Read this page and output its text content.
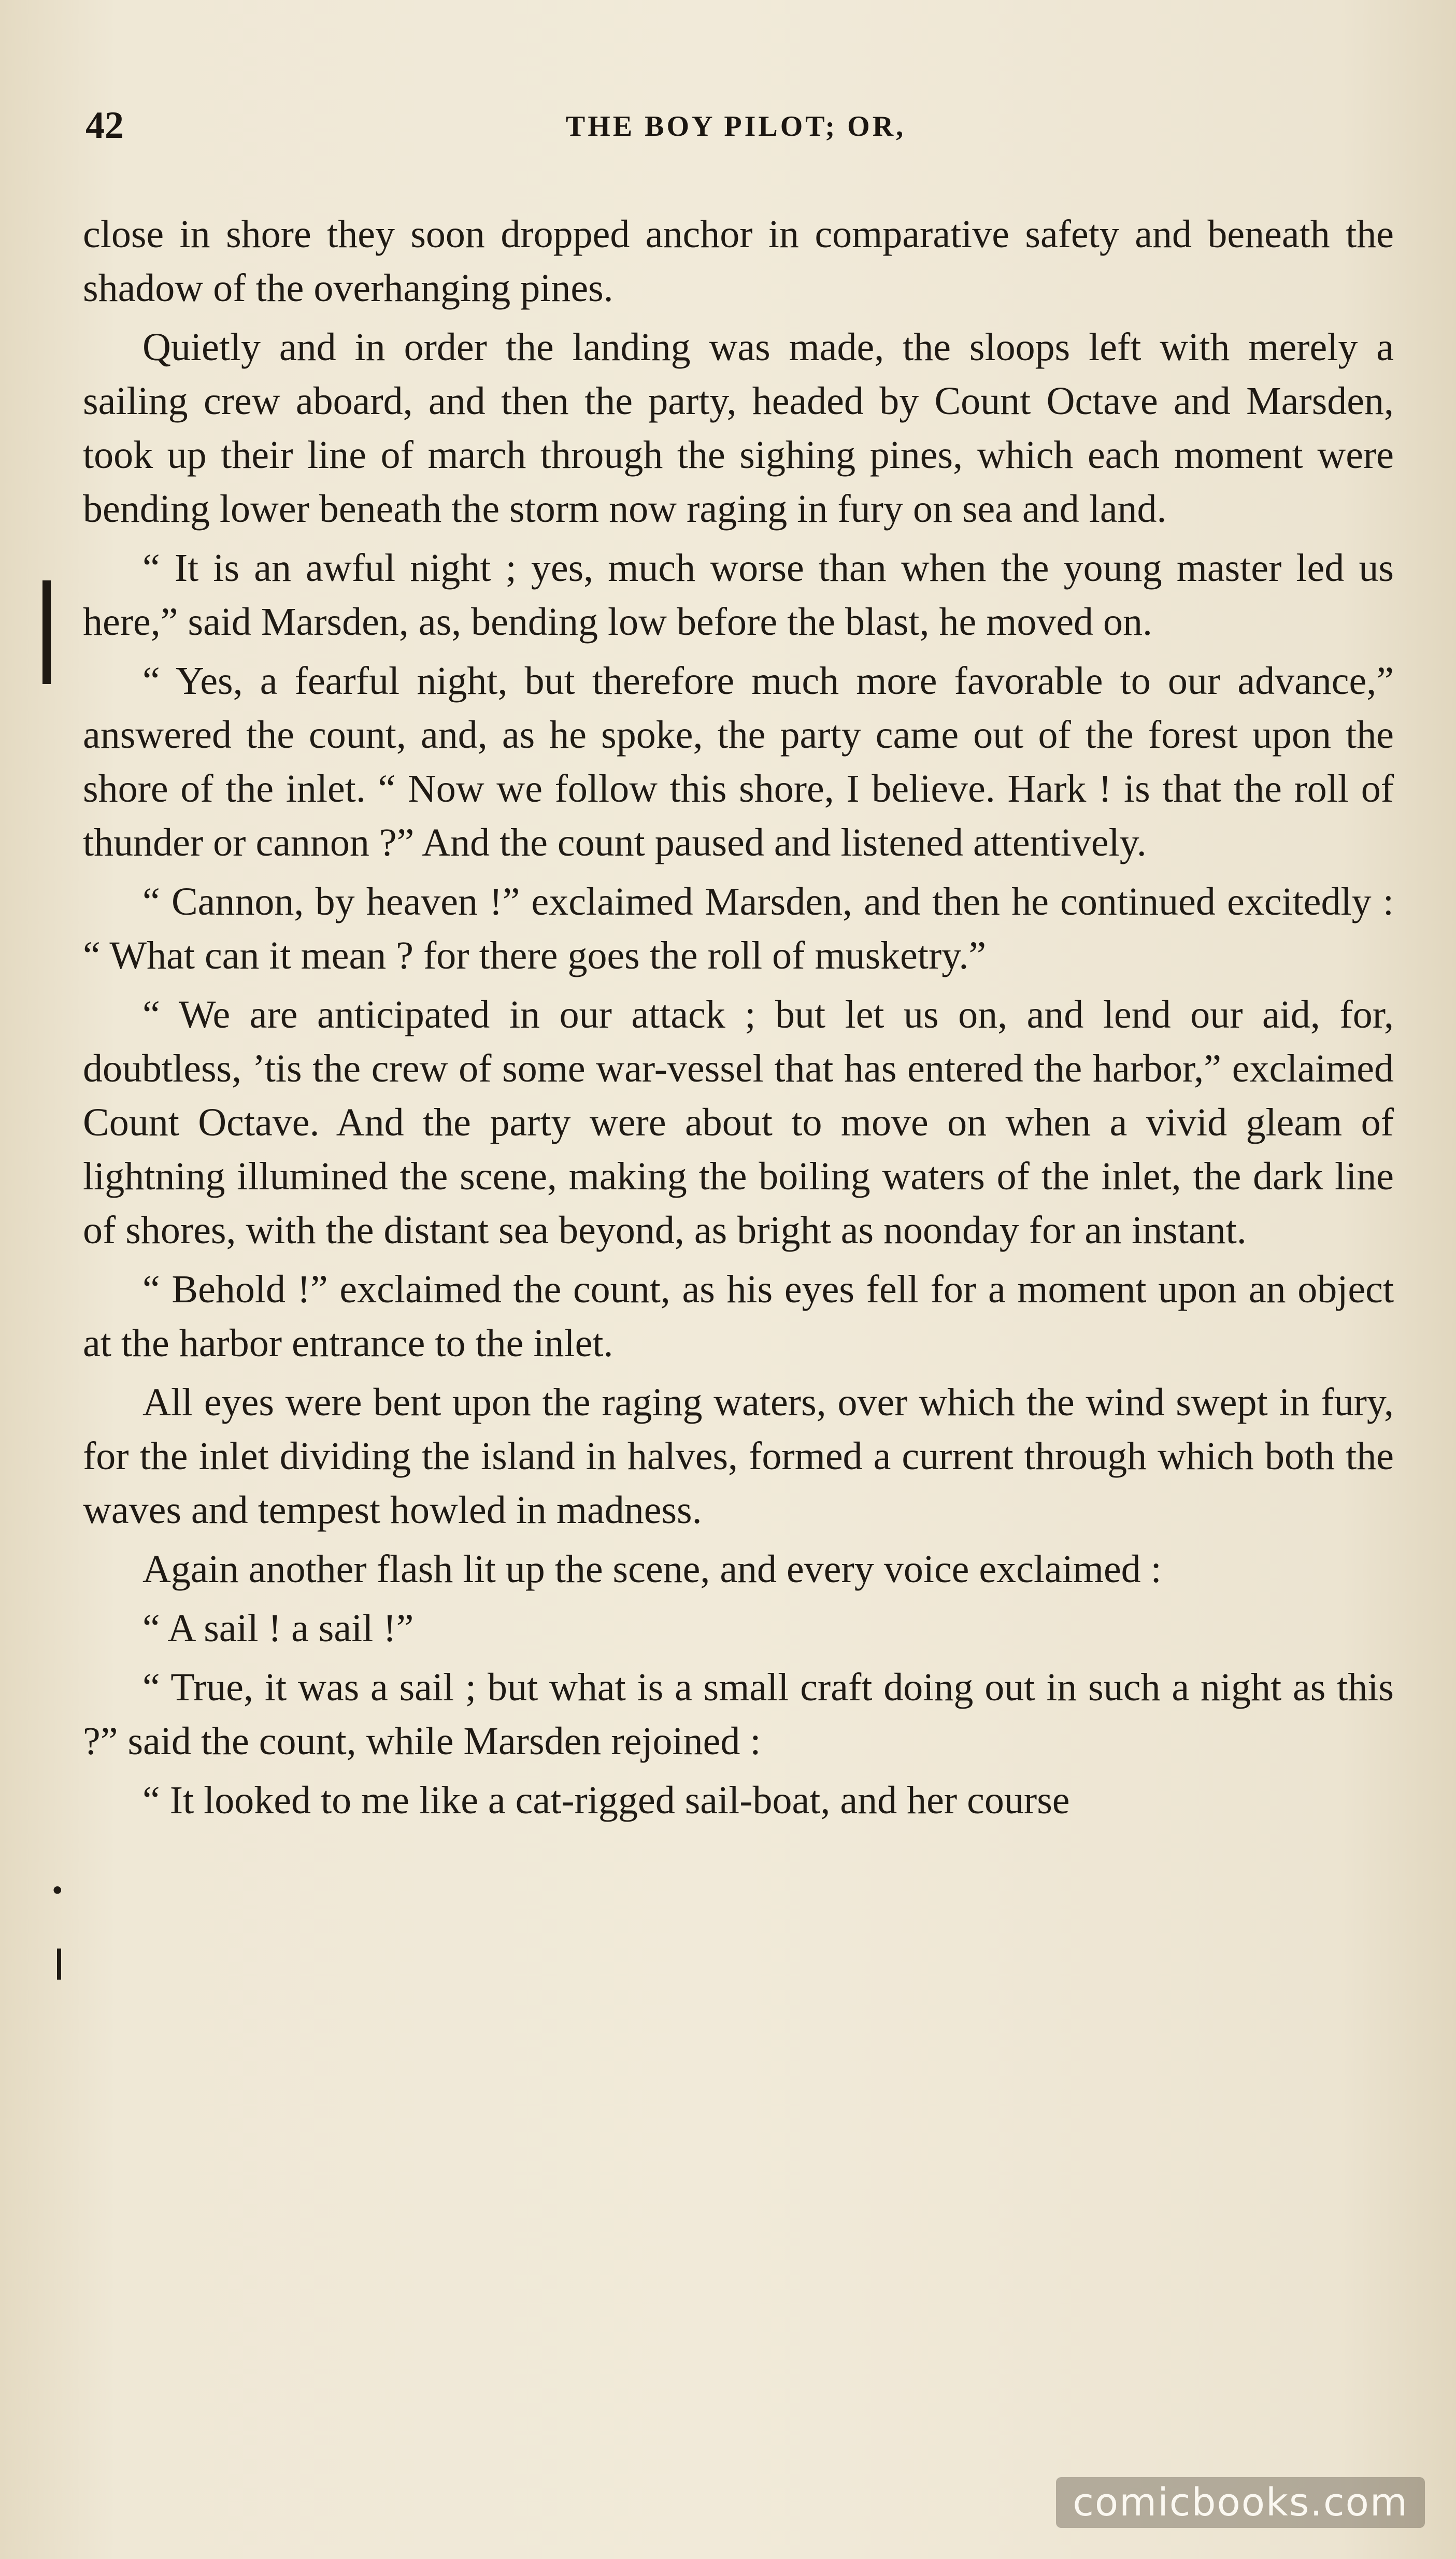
42	THE BOY PILOT; OR,
•

close in shore they soon dropped anchor in comparative safety and beneath the shadow of the overhanging pines.

Quietly and in order the landing was made, the sloops left with merely a sailing crew aboard, and then the party, headed by Count Octave and Marsden, took up their line of march through the sighing pines, which each moment were bending lower beneath the storm now raging in fury on sea and land.

“ It is an awful night ; yes, much worse than when the young master led us here,” said Marsden, as, bending low before the blast, he moved on.

“ Yes, a fearful night, but therefore much more favorable to our advance,” answered the count, and, as he spoke, the party came out of the forest upon the shore of the inlet. “ Now we follow this shore, I believe. Hark ! is that the roll of thunder or cannon ?” And the count paused and listened attentively.

“ Cannon, by heaven !” exclaimed Marsden, and then he continued excitedly : “ What can it mean ? for there goes the roll of musketry.”

“ We are anticipated in our attack ; but let us on, and lend our aid, for, doubtless, ’tis the crew of some war-vessel that has entered the harbor,” exclaimed Count Octave. And the party were about to move on when a vivid gleam of lightning illumined the scene, making the boiling waters of the inlet, the dark line of shores, with the distant sea beyond, as bright as noonday for an instant.

“ Behold !” exclaimed the count, as his eyes fell for a moment upon an object at the harbor entrance to the inlet.

All eyes were bent upon the raging waters, over which the wind swept in fury, for the inlet dividing the island in halves, formed a current through which both the waves and tempest howled in madness.

Again another flash lit up the scene, and every voice exclaimed :

“ A sail ! a sail !”

“ True, it was a sail ; but what is a small craft doing out in such a night as this ?” said the count, while Marsden rejoined :

“ It looked to me like a cat-rigged sail-boat, and her course

comicbooks.com
